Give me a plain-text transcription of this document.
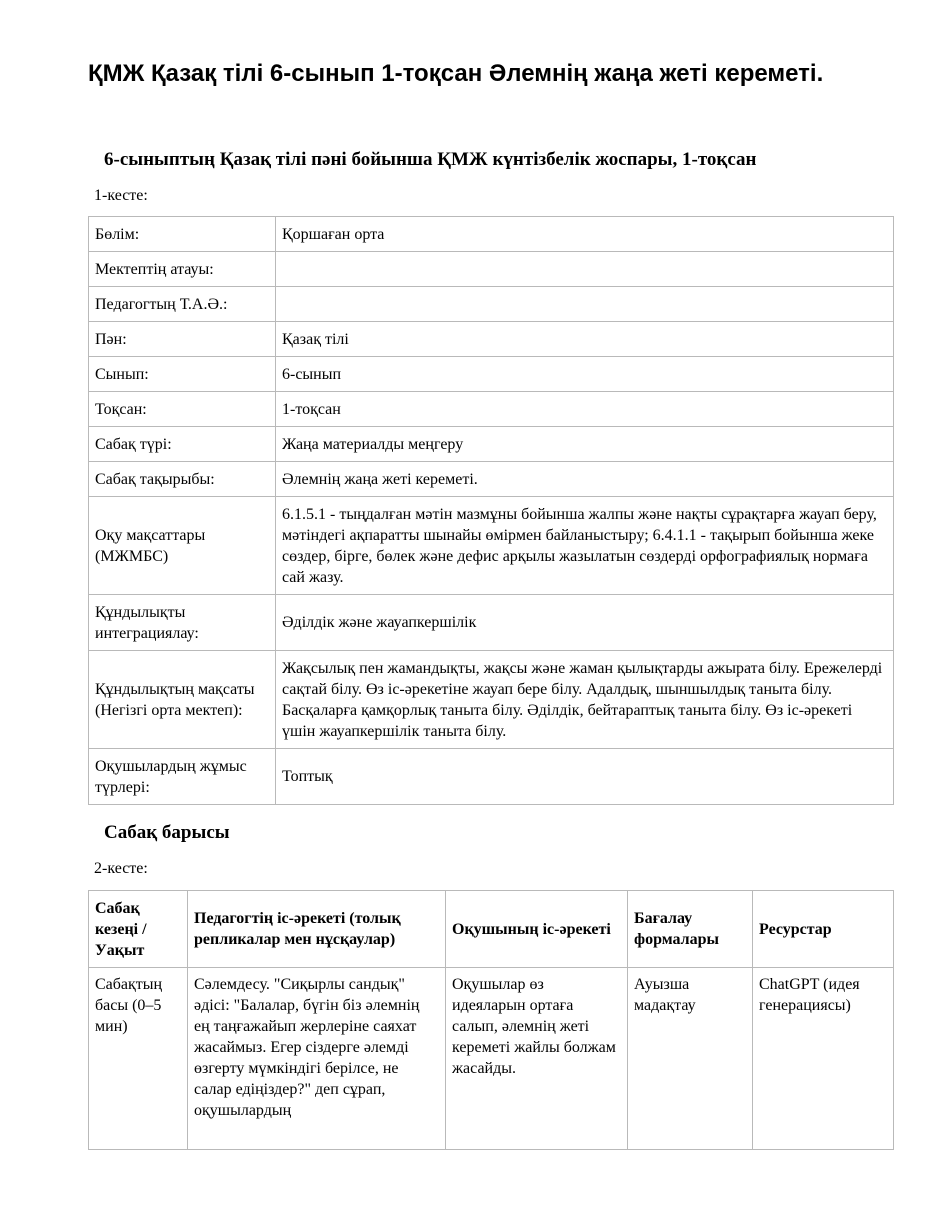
ҚМЖ Қазақ тілі 6-сынып 1-тоқсан Әлемнің жаңа жеті кереметі.
6-сыныптың Қазақ тілі пәні бойынша ҚМЖ күнтізбелік жоспары, 1-тоқсан

1-кесте:

Бөлім:	Қоршаған орта
Мектептің атауы:	
Педагогтың Т.А.Ә.:	
Пән:	Қазақ тілі
Сынып:	6-сынып
Тоқсан:	1-тоқсан
Сабақ түрі:	Жаңа материалды меңгеру
Сабақ тақырыбы:	Әлемнің жаңа жеті кереметі.
Оқу мақсаттары (МЖМБС)	6.1.5.1 - тыңдалған мәтін мазмұны бойынша жалпы және нақты сұрақтарға жауап беру, мәтіндегі ақпаратты шынайы өмірмен байланыстыру; 6.4.1.1 - тақырып бойынша жеке сөздер, бірге, бөлек және дефис арқылы жазылатын сөздерді орфографиялық нормаға сай жазу.
Құндылықты интеграциялау:	Әділдік және жауапкершілік
Құндылықтың мақсаты (Негізгі орта мектеп):	Жақсылық пен жамандықты, жақсы және жаман қылықтарды ажырата білу. Ережелерді сақтай білу. Өз іс-әрекетіне жауап бере білу. Адалдық, шыншылдық таныта білу. Басқаларға қамқорлық таныта білу. Әділдік, бейтараптық таныта білу. Өз іс-әрекеті үшін жауапкершілік таныта білу.
Оқушылардың жұмыс түрлері:	Топтық
Сабақ барысы

2-кесте:

Сабақ кезеңі / Уақыт	Педагогтің іс-әрекеті (толық репликалар мен нұсқаулар)	Оқушының іс-әрекеті	Бағалау формалары	Ресурстар
Сабақтың басы (0–5 мин)	Сәлемдесу. "Сиқырлы сандық" әдісі: "Балалар, бүгін біз әлемнің ең таңғажайып жерлеріне саяхат жасаймыз. Егер сіздерге әлемді өзгерту мүмкіндігі берілсе, не салар едіңіздер?" деп сұрап, оқушылардың	Оқушылар өз идеяларын ортаға салып, әлемнің жеті кереметі жайлы болжам жасайды.	Ауызша мадақтау	ChatGPT (идея генерациясы)
